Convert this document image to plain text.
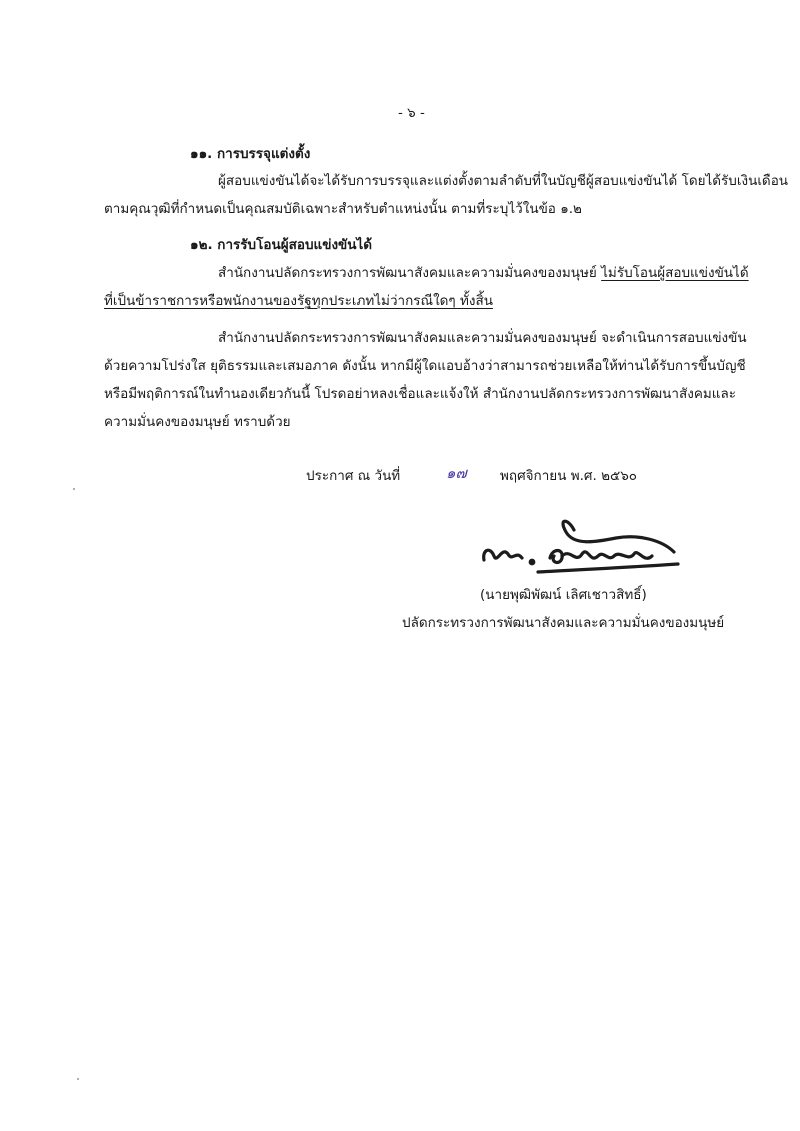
- ๖ -
๑๑. การบรรจุแต่งตั้ง
ผู้สอบแข่งขันได้จะได้รับการบรรจุและแต่งตั้งตามลำดับที่ในบัญชีผู้สอบแข่งขันได้ โดยได้รับเงินเดือน
ตามคุณวุฒิที่กำหนดเป็นคุณสมบัติเฉพาะสำหรับตำแหน่งนั้น ตามที่ระบุไว้ในข้อ ๑.๒
๑๒. การรับโอนผู้สอบแข่งขันได้
สำนักงานปลัดกระทรวงการพัฒนาสังคมและความมั่นคงของมนุษย์ ไม่รับโอนผู้สอบแข่งขันได้
ที่เป็นข้าราชการหรือพนักงานของรัฐทุกประเภทไม่ว่ากรณีใดๆ ทั้งสิ้น
สำนักงานปลัดกระทรวงการพัฒนาสังคมและความมั่นคงของมนุษย์ จะดำเนินการสอบแข่งขัน
ด้วยความโปร่งใส ยุติธรรมและเสมอภาค ดังนั้น หากมีผู้ใดแอบอ้างว่าสามารถช่วยเหลือให้ท่านได้รับการขึ้นบัญชี
หรือมีพฤติการณ์ในทำนองเดียวกันนี้ โปรดอย่าหลงเชื่อและแจ้งให้ สำนักงานปลัดกระทรวงการพัฒนาสังคมและ
ความมั่นคงของมนุษย์ ทราบด้วย
ประกาศ ณ วันที่	๑๗ พฤศจิกายน พ.ศ. ๒๕๖๐
(นายพุฒิพัฒน์ เลิศเชาวสิทธิ์)
ปลัดกระทรวงการพัฒนาสังคมและความมั่นคงของมนุษย์
